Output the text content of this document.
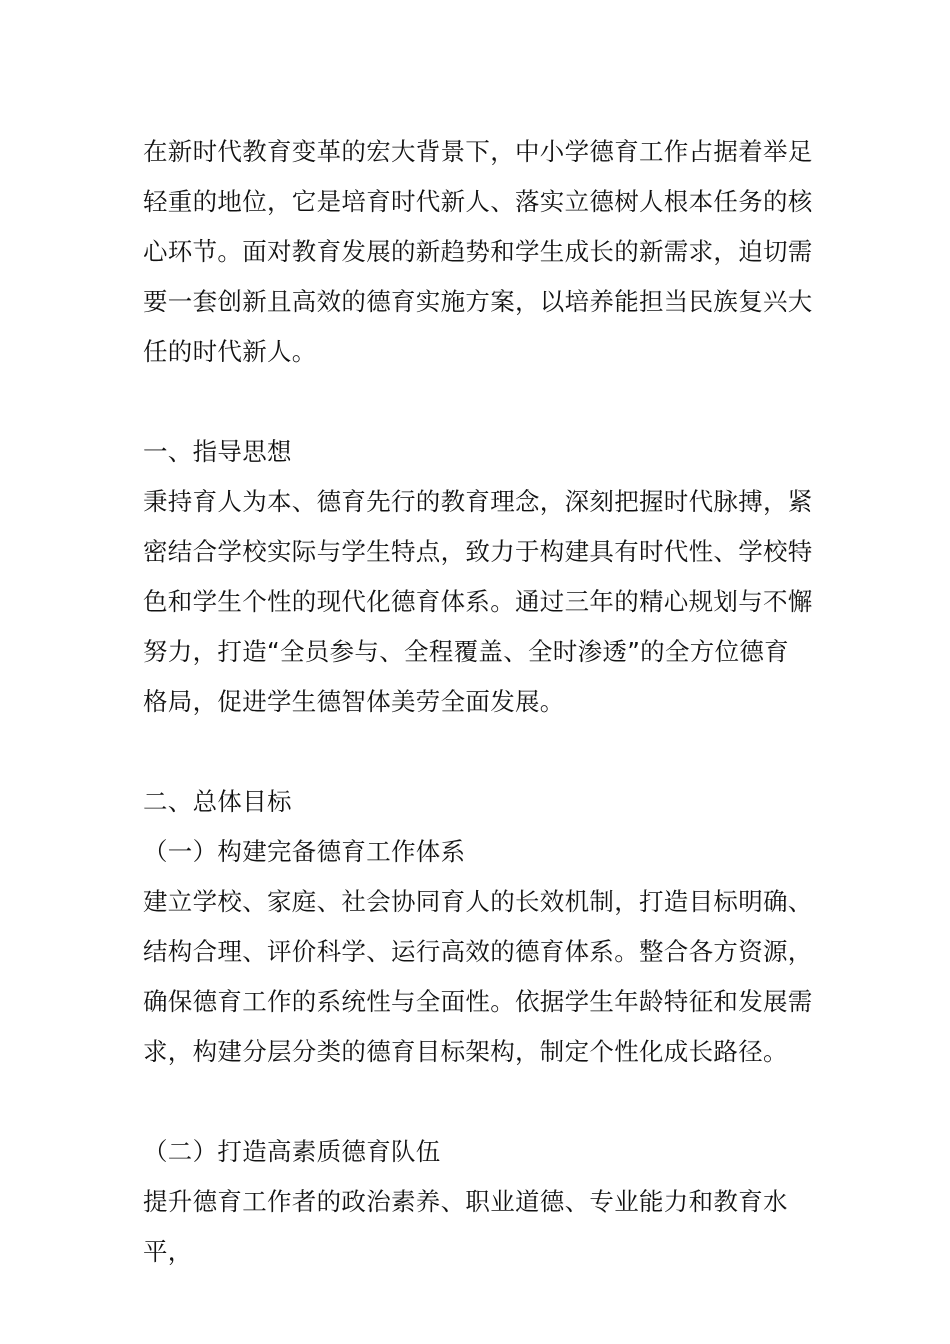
在新时代教育变革的宏大背景下，中小学德育工作占据着举足

轻重的地位，它是培育时代新人、落实立德树人根本任务的核

心环节。面对教育发展的新趋势和学生成长的新需求，迫切需

要一套创新且高效的德育实施方案，以培养能担当民族复兴大

任的时代新人。

一、指导思想

秉持育人为本、德育先行的教育理念，深刻把握时代脉搏，紧

密结合学校实际与学生特点，致力于构建具有时代性、学校特

色和学生个性的现代化德育体系。通过三年的精心规划与不懈

努力，打造“全员参与、全程覆盖、全时渗透”的全方位德育

格局，促进学生德智体美劳全面发展。

二、总体目标

（一）构建完备德育工作体系

建立学校、家庭、社会协同育人的长效机制，打造目标明确、

结构合理、评价科学、运行高效的德育体系。整合各方资源，

确保德育工作的系统性与全面性。依据学生年龄特征和发展需

求，构建分层分类的德育目标架构，制定个性化成长路径。

（二）打造高素质德育队伍

提升德育工作者的政治素养、职业道德、专业能力和教育水平，
